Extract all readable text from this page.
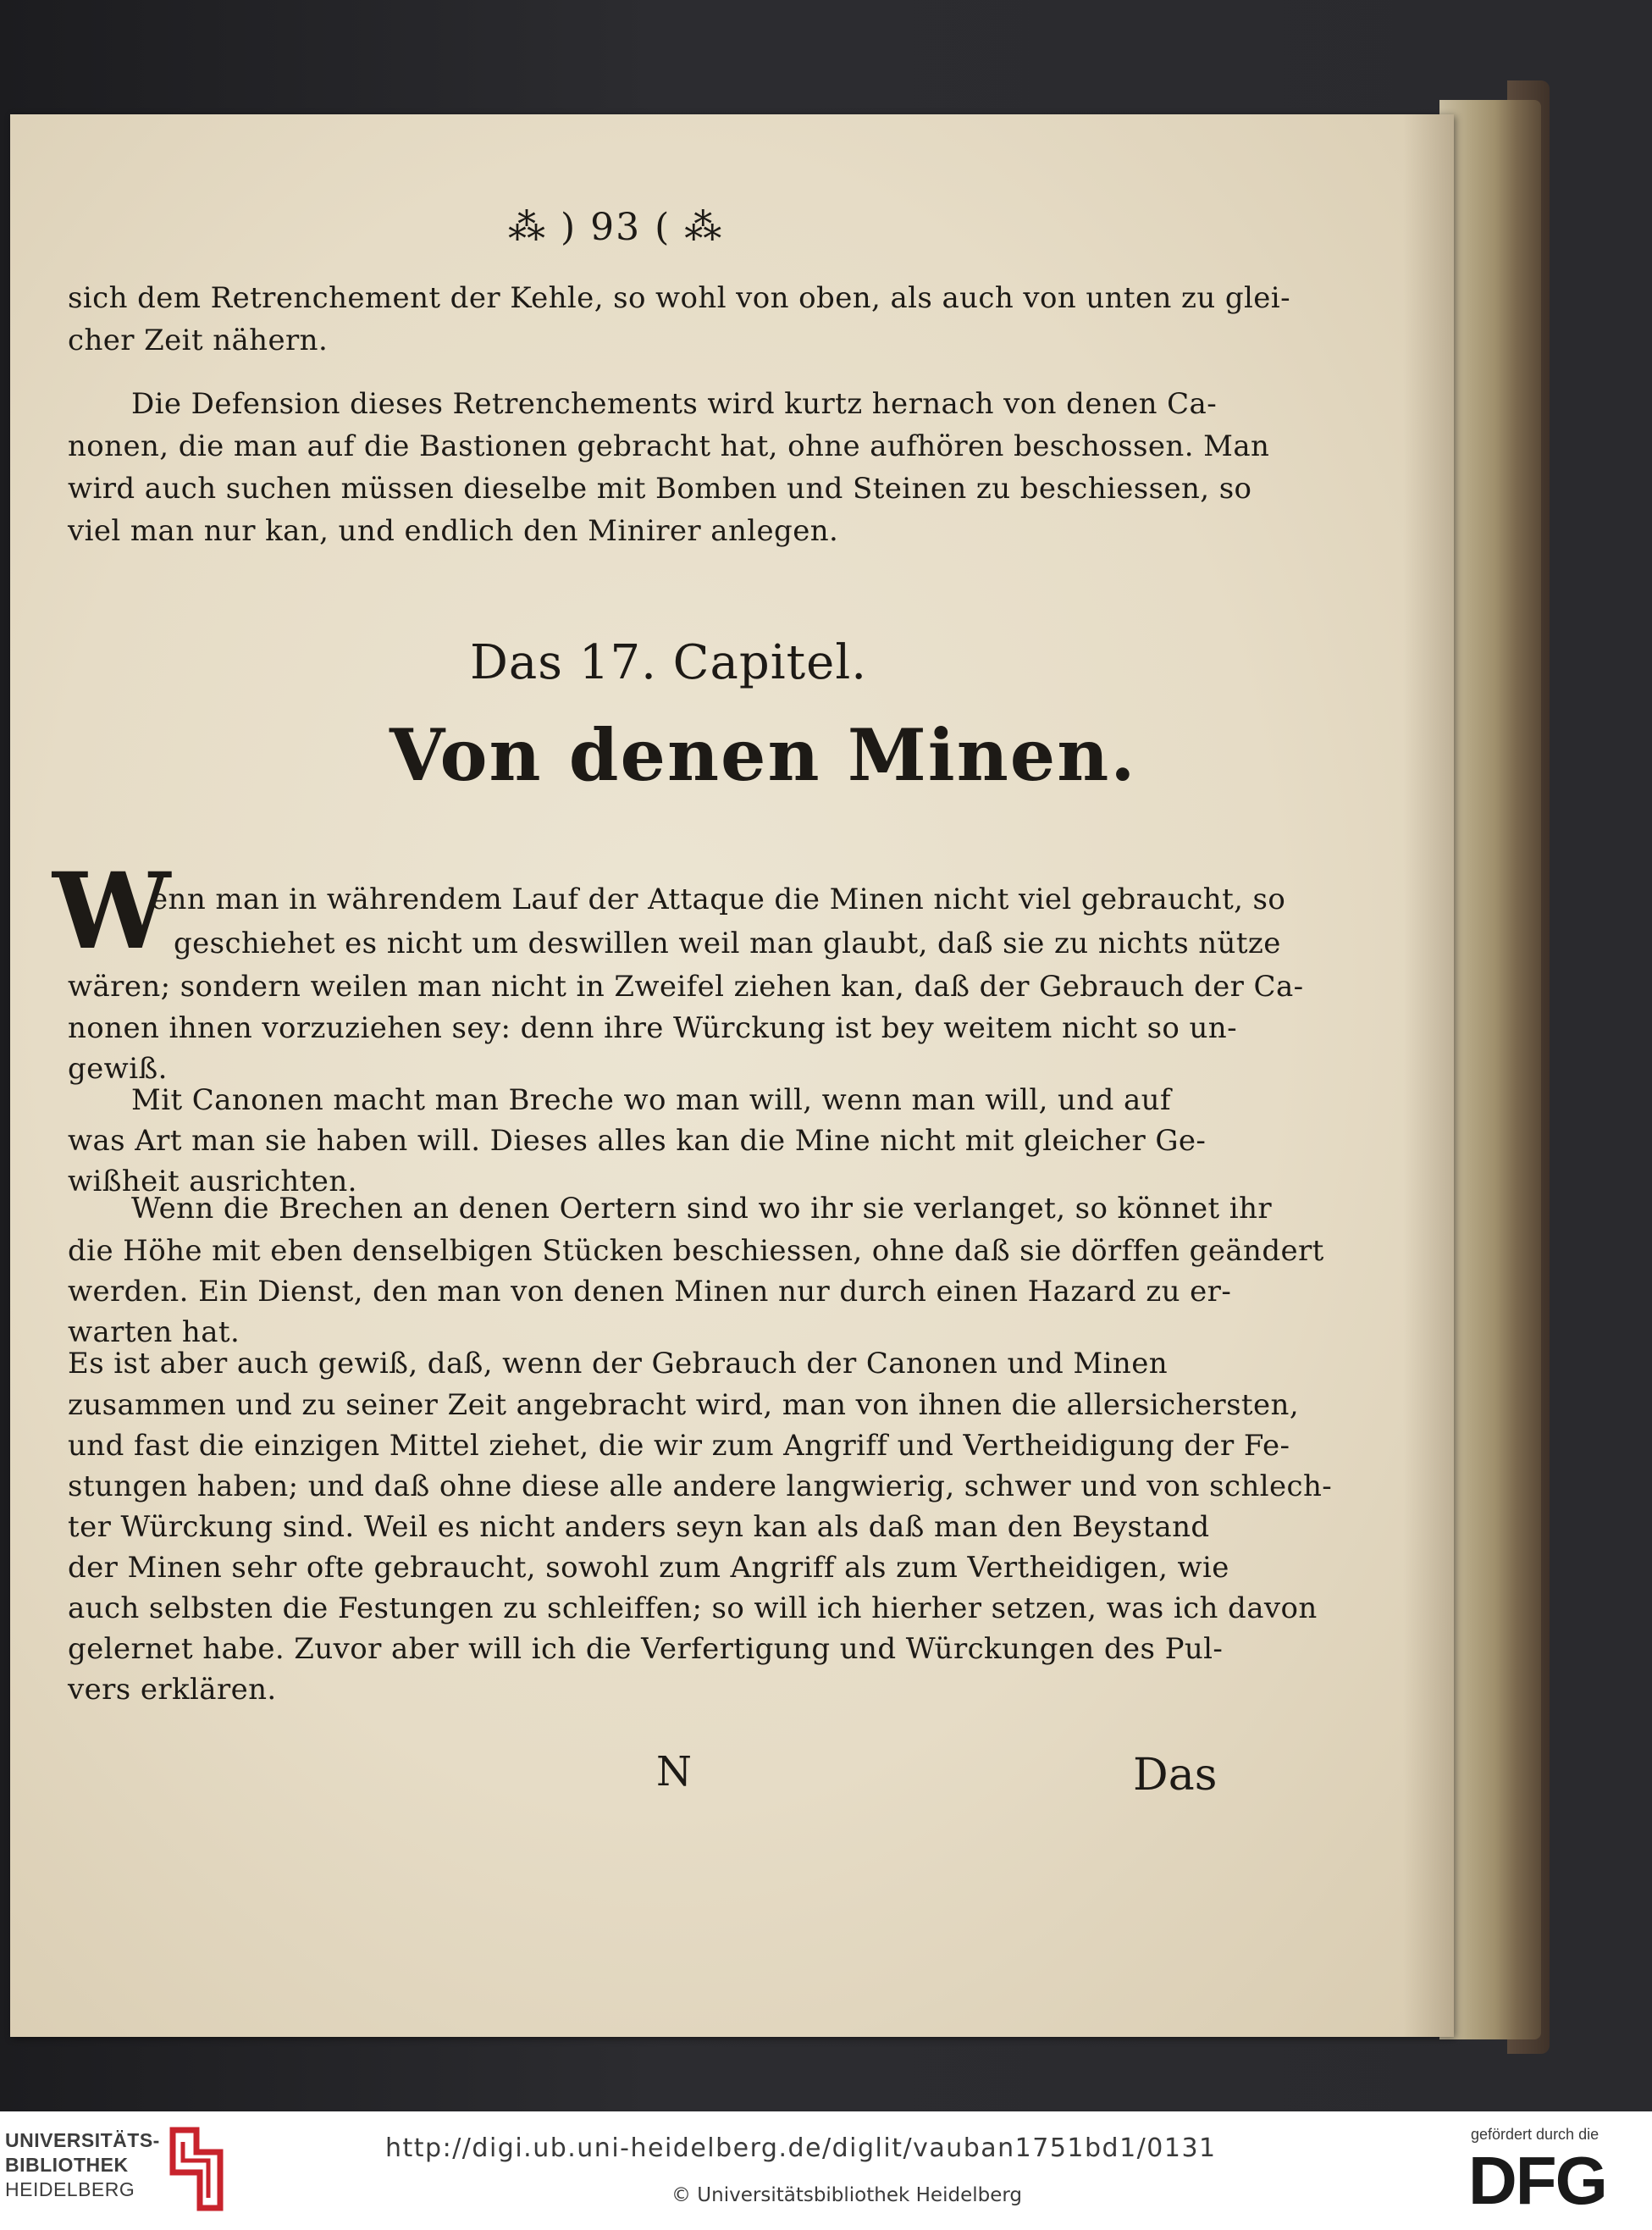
⁂ ) 93 ( ⁂
sich dem Retrenchement der Kehle, so wohl von oben, als auch von unten zu glei-
cher Zeit nähern.
Die Defension dieses Retrenchements wird kurtz hernach von denen Ca-
nonen, die man auf die Bastionen gebracht hat, ohne aufhören beschossen. Man
wird auch suchen müssen dieselbe mit Bomben und Steinen zu beschiessen, so
viel man nur kan, und endlich den Minirer anlegen.
Das 17. Capitel.
Von denen Minen.
W
enn man in währendem Lauf der Attaque die Minen nicht viel gebraucht, so
geschiehet es nicht um deswillen weil man glaubt, daß sie zu nichts nütze
wären; sondern weilen man nicht in Zweifel ziehen kan, daß der Gebrauch der Ca-
nonen ihnen vorzuziehen sey: denn ihre Würckung ist bey weitem nicht so un-
gewiß.
Mit Canonen macht man Breche wo man will, wenn man will, und auf
was Art man sie haben will. Dieses alles kan die Mine nicht mit gleicher Ge-
wißheit ausrichten.
Wenn die Brechen an denen Oertern sind wo ihr sie verlanget, so könnet ihr
die Höhe mit eben denselbigen Stücken beschiessen, ohne daß sie dörffen geändert
werden. Ein Dienst, den man von denen Minen nur durch einen Hazard zu er-
warten hat.
Es ist aber auch gewiß, daß, wenn der Gebrauch der Canonen und Minen
zusammen und zu seiner Zeit angebracht wird, man von ihnen die allersichersten,
und fast die einzigen Mittel ziehet, die wir zum Angriff und Vertheidigung der Fe-
stungen haben; und daß ohne diese alle andere langwierig, schwer und von schlech-
ter Würckung sind. Weil es nicht anders seyn kan als daß man den Beystand
der Minen sehr ofte gebraucht, sowohl zum Angriff als zum Vertheidigen, wie
auch selbsten die Festungen zu schleiffen; so will ich hierher setzen, was ich davon
gelernet habe. Zuvor aber will ich die Verfertigung und Würckungen des Pul-
vers erklären.
N	Das
UNIVERSITÄTS-
BIBLIOTHEK
HEIDELBERG
http://digi.ub.uni-heidelberg.de/diglit/vauban1751bd1/0131
© Universitätsbibliothek Heidelberg
gefördert durch die
DFG
